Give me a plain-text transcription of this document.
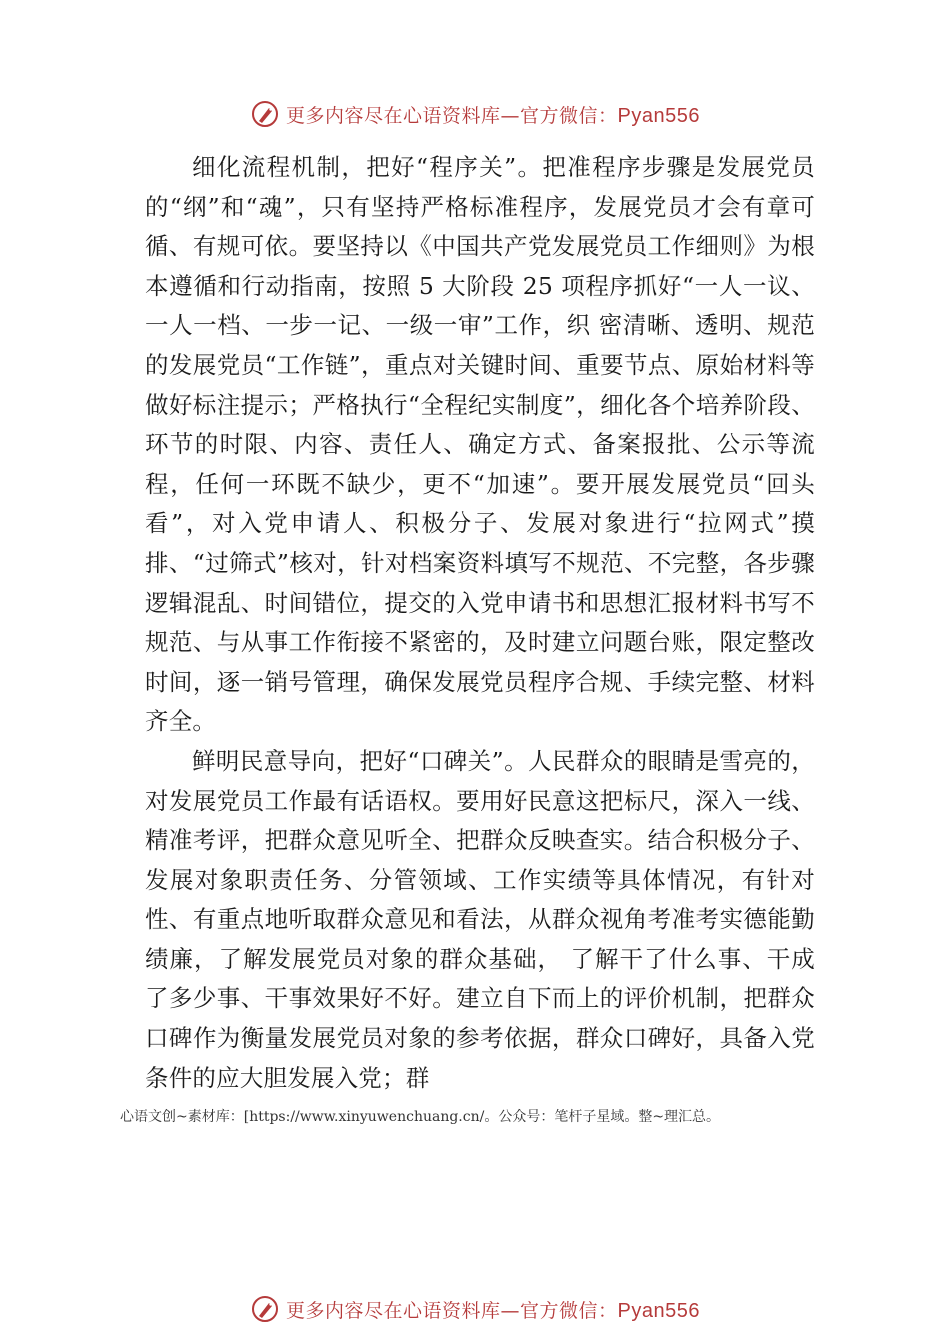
更多内容尽在心语资料库—官方微信：Pyan556

细化流程机制，把好“程序关”。把准程序步骤是发展党员的“纲”和“魂”，只有坚持严格标准程序，发展党员才会有章可循、有规可依。要坚持以《中国共产党发展党员工作细则》为根本遵循和行动指南，按照 5 大阶段 25 项程序抓好“一人一议、一人一档、一步一记、一级一审”工作，织 密清晰、透明、规范的发展党员“工作链”，重点对关键时间、重要节点、原始材料等做好标注提示；严格执行“全程纪实制度”，细化各个培养阶段、环节的时限、内容、责任人、确定方式、备案报批、公示等流程，任何一环既不缺少，更不“加速”。要开展发展党员“回头看”，对入党申请人、积极分子、发展对象进行“拉网式”摸排、“过筛式”核对，针对档案资料填写不规范、不完整，各步骤逻辑混乱、时间错位，提交的入党申请书和思想汇报材料书写不规范、与从事工作衔接不紧密的，及时建立问题台账，限定整改时间，逐一销号管理，确保发展党员程序合规、手续完整、材料齐全。

鲜明民意导向，把好“口碑关”。人民群众的眼睛是雪亮的，对发展党员工作最有话语权。要用好民意这把标尺，深入一线、精准考评，把群众意见听全、把群众反映查实。结合积极分子、发展对象职责任务、分管领域、工作实绩等具体情况，有针对性、有重点地听取群众意见和看法，从群众视角考准考实德能勤绩廉，了解发展党员对象的群众基础， 了解干了什么事、干成了多少事、干事效果好不好。建立自下而上的评价机制，把群众口碑作为衡量发展党员对象的参考依据，群众口碑好，具备入党条件的应大胆发展入党；群

心语文创~素材库：[https://www.xinyuwenchuang.cn/。公众号：笔杆子星域。整~理汇总。
更多内容尽在心语资料库—官方微信：Pyan556
